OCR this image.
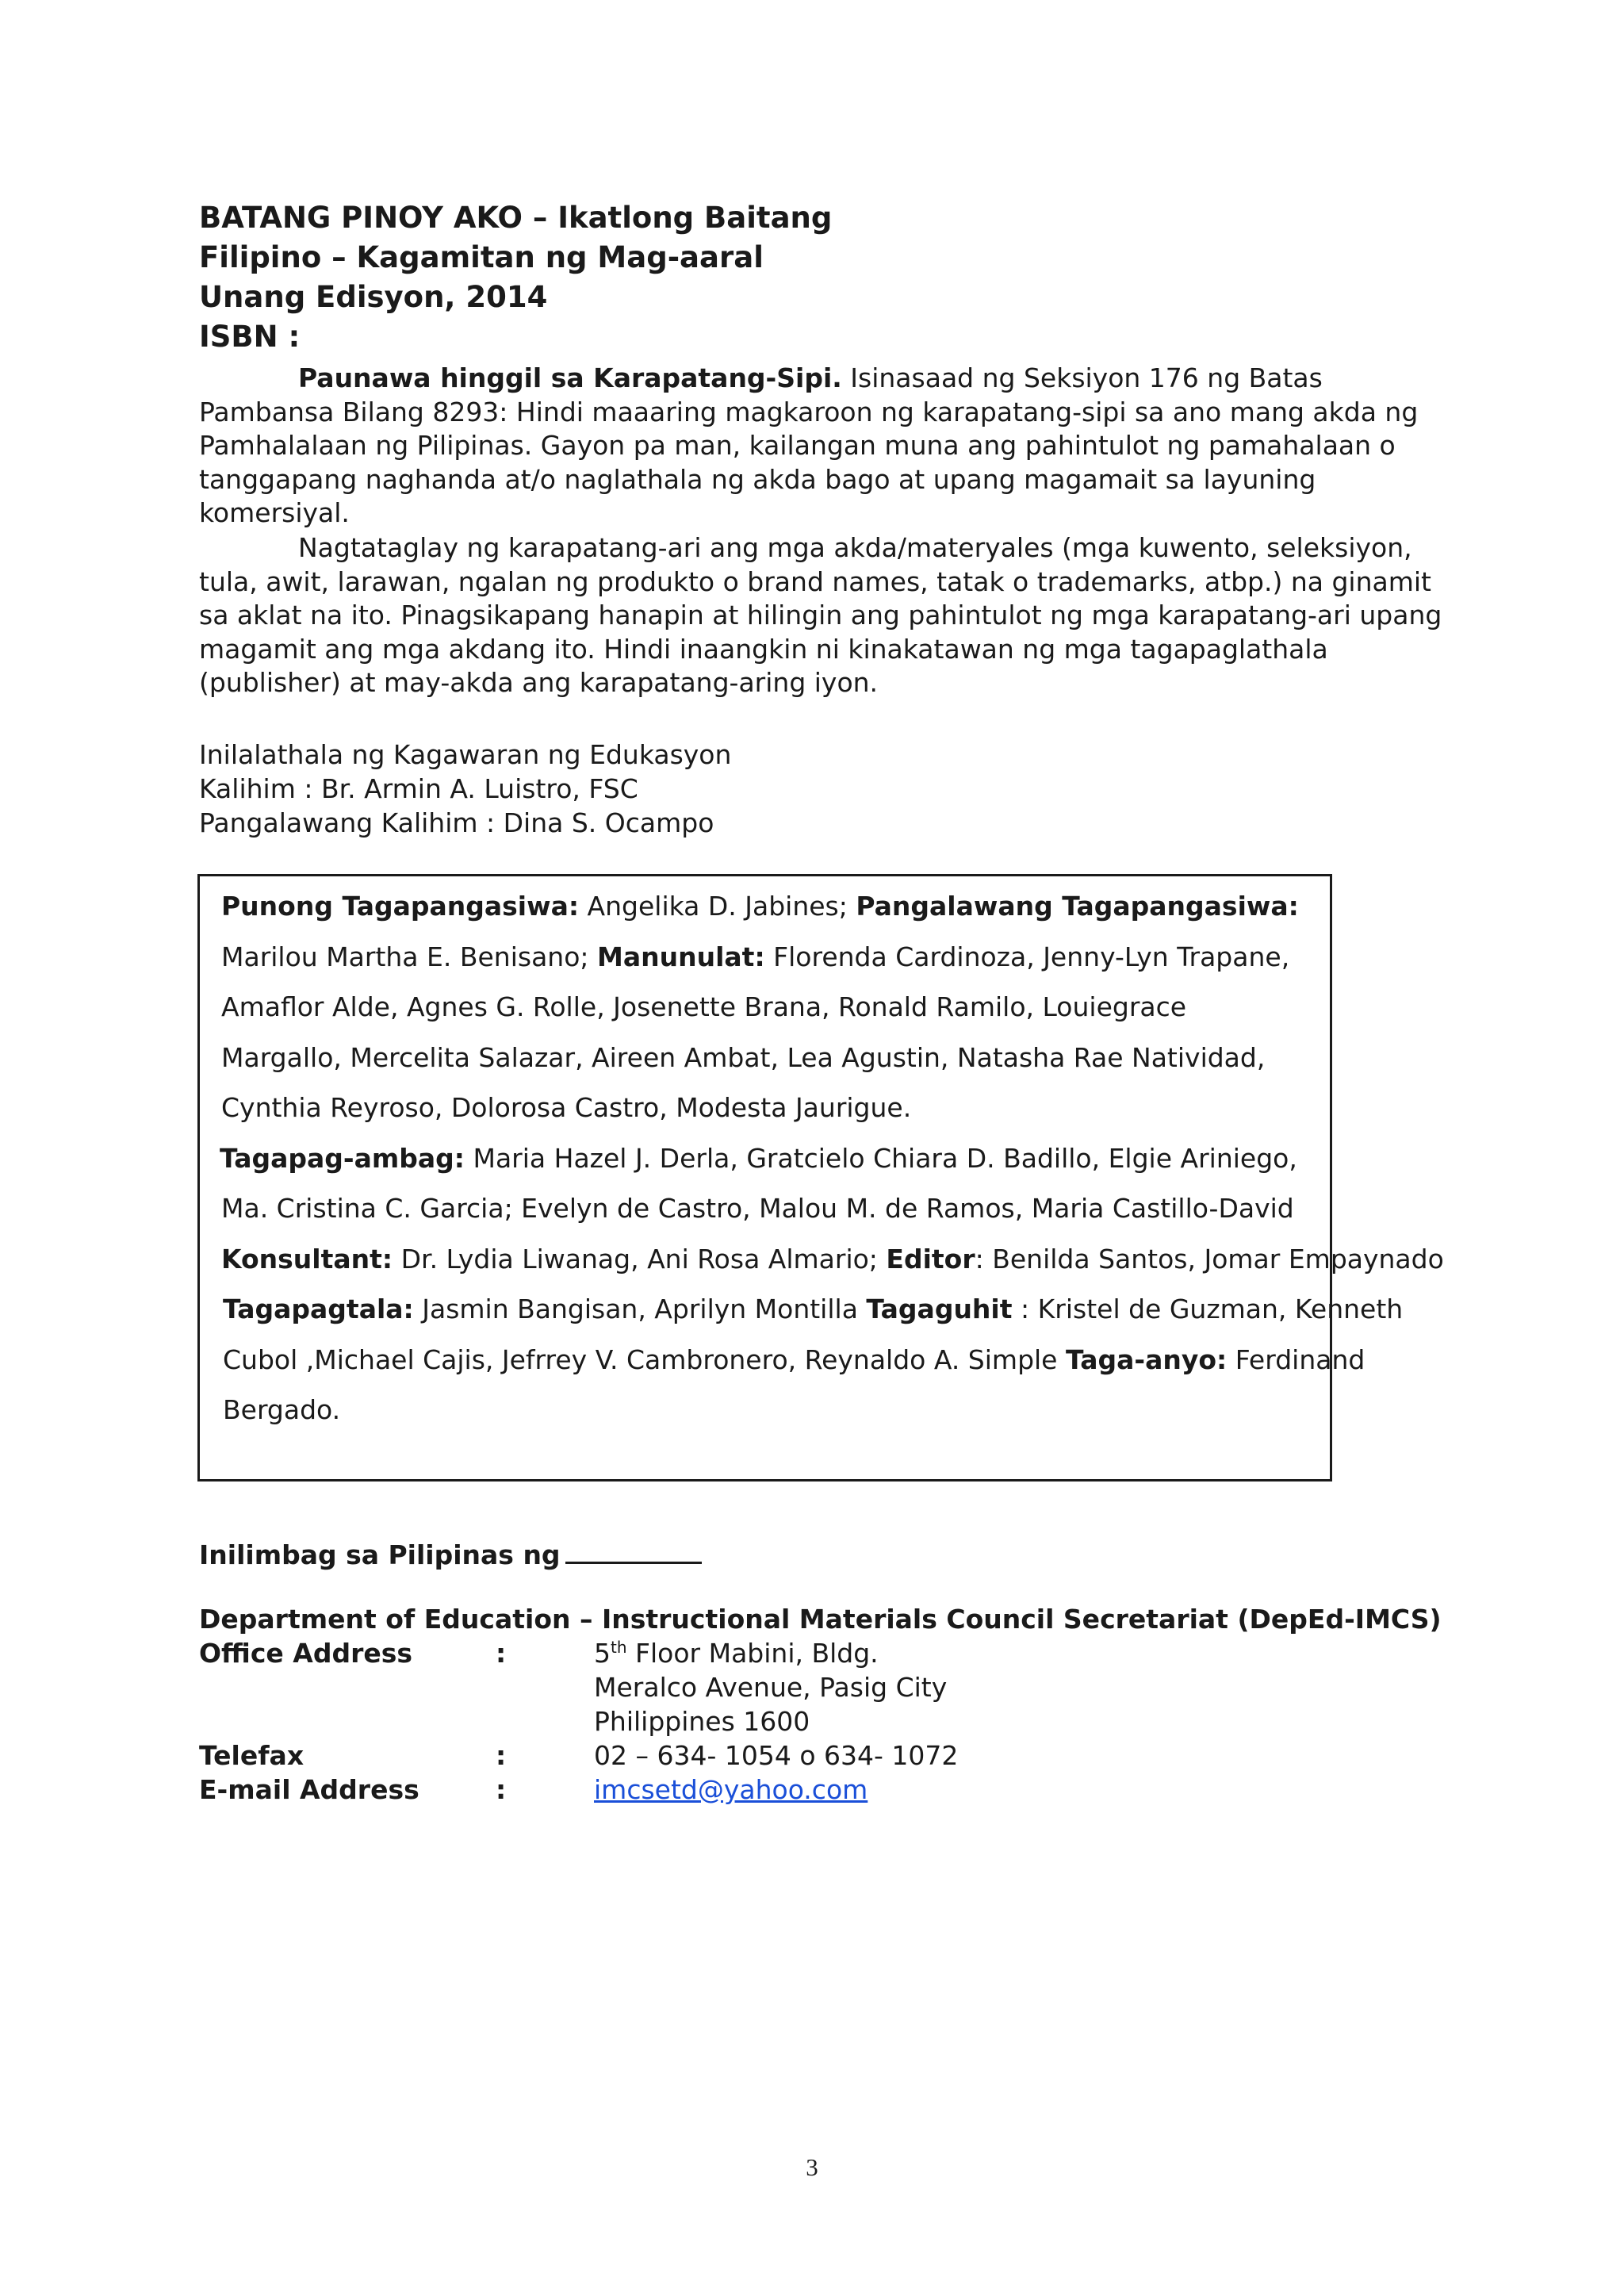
BATANG PINOY AKO – Ikatlong Baitang
Filipino – Kagamitan ng Mag-aaral
Unang Edisyon, 2014
ISBN :

Paunawa hinggil sa Karapatang-Sipi. Isinasaad ng Seksiyon 176 ng Batas Pambansa Bilang 8293: Hindi maaaring magkaroon ng karapatang-sipi sa ano mang akda ng Pamhalalaan ng Pilipinas. Gayon pa man, kailangan muna ang pahintulot ng pamahalaan o tanggapang naghanda at/o naglathala ng akda bago at upang magamait sa layuning komersiyal.

Nagtataglay ng karapatang-ari ang mga akda/materyales (mga kuwento, seleksiyon, tula, awit, larawan, ngalan ng produkto o brand names, tatak o trademarks, atbp.) na ginamit sa aklat na ito. Pinagsikapang hanapin at hilingin ang pahintulot ng mga karapatang-ari upang magamit ang mga akdang ito. Hindi inaangkin ni kinakatawan ng mga tagapaglathala (publisher) at may-akda ang karapatang-aring iyon.

Inilalathala ng Kagawaran ng Edukasyon
Kalihim : Br. Armin A. Luistro, FSC
Pangalawang Kalihim : Dina S. Ocampo
Punong Tagapangasiwa: Angelika D. Jabines; Pangalawang Tagapangasiwa:
Marilou Martha E. Benisano; Manunulat: Florenda Cardinoza, Jenny-Lyn Trapane,
Amaflor Alde, Agnes G. Rolle, Josenette Brana, Ronald Ramilo, Louiegrace
Margallo, Mercelita Salazar, Aireen Ambat, Lea Agustin, Natasha Rae Natividad,
Cynthia Reyroso, Dolorosa Castro, Modesta Jaurigue.
Tagapag-ambag: Maria Hazel J. Derla, Gratcielo Chiara D. Badillo, Elgie Ariniego,
Ma. Cristina C. Garcia; Evelyn de Castro, Malou M. de Ramos, Maria Castillo-David
Konsultant: Dr. Lydia Liwanag, Ani Rosa Almario; Editor: Benilda Santos, Jomar Empaynado
Tagapagtala: Jasmin Bangisan, Aprilyn Montilla Tagaguhit : Kristel de Guzman, Kenneth
Cubol ,Michael Cajis, Jefrrey V. Cambronero, Reynaldo A. Simple Taga-anyo: Ferdinand
Bergado.
Inilimbag sa Pilipinas ng
Department of Education – Instructional Materials Council Secretariat (DepEd-IMCS)
Office Address	:	5th Floor Mabini, Bldg.
Meralco Avenue, Pasig City
Philippines 1600
Telefax	:	02 – 634- 1054 o 634- 1072
E-mail Address	:	imcsetd@yahoo.com
3
